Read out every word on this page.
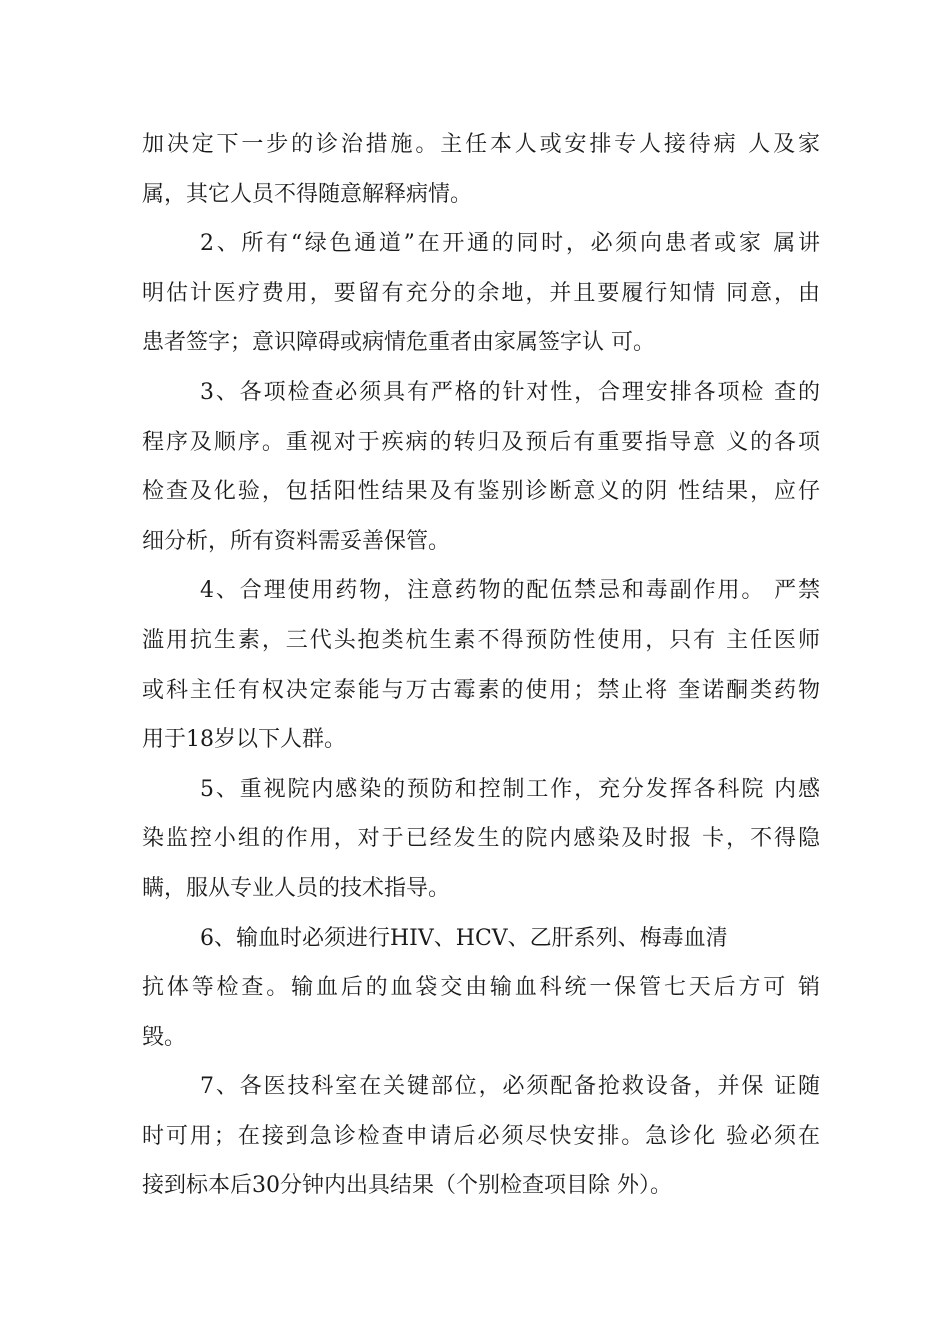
加决定下一步的诊治措施。主任本人或安排专人接待病 人及家
属，其它人员不得随意解释病情。
2、所有“绿色通道”在开通的同时，必须向患者或家 属讲
明估计医疗费用，要留有充分的余地，并且要履行知情 同意，由
患者签字；意识障碍或病情危重者由家属签字认 可。
3、各项检查必须具有严格的针对性，合理安排各项检 查的
程序及顺序。重视对于疾病的转归及预后有重要指导意 义的各项
检查及化验，包括阳性结果及有鉴别诊断意义的阴 性结果，应仔
细分析，所有资料需妥善保管。
4、合理使用药物，注意药物的配伍禁忌和毒副作用。 严禁
滥用抗生素，三代头抱类杭生素不得预防性使用，只有 主任医师
或科主任有权决定泰能与万古霉素的使用；禁止将 奎诺酮类药物
用于18岁以下人群。
5、重视院内感染的预防和控制工作，充分发挥各科院 内感
染监控小组的作用，对于已经发生的院内感染及时报 卡，不得隐
瞒，服从专业人员的技术指导。
6、输血时必须进行HIV、HCV、乙肝系列、梅毒血清
抗体等检查。输血后的血袋交由输血科统一保管七天后方可 销
毁。
7、各医技科室在关键部位，必须配备抢救设备，并保 证随
时可用；在接到急诊检查申请后必须尽快安排。急诊化 验必须在
接到标本后30分钟内出具结果（个别检查项目除 外）。
